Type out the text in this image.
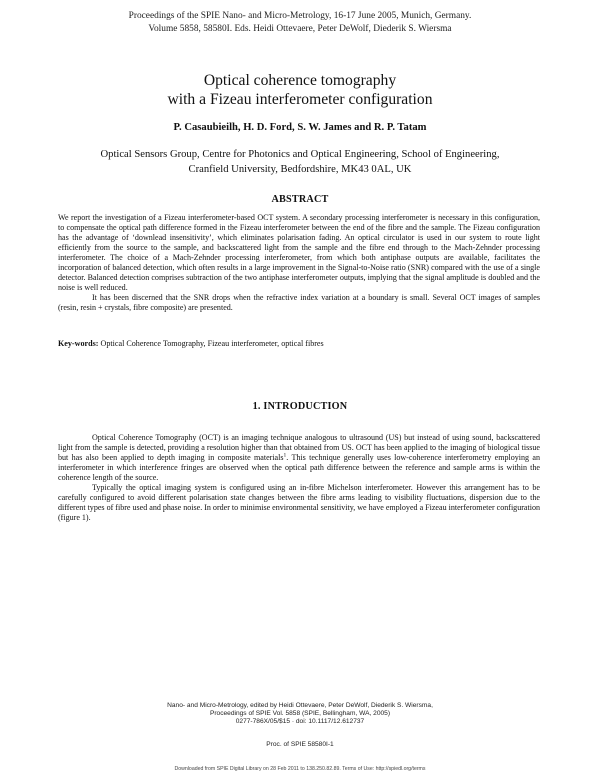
Proceedings of the SPIE Nano- and Micro-Metrology, 16-17 June 2005, Munich, Germany.
Volume 5858, 58580I. Eds. Heidi Ottevaere, Peter DeWolf, Diederik S. Wiersma
Optical coherence tomography
with a Fizeau interferometer configuration
P. Casaubieilh, H. D. Ford, S. W. James and R. P. Tatam
Optical Sensors Group, Centre for Photonics and Optical Engineering, School of Engineering,
Cranfield University, Bedfordshire, MK43 0AL, UK
ABSTRACT

We report the investigation of a Fizeau interferometer-based OCT system. A secondary processing interferometer is necessary in this configuration, to compensate the optical path difference formed in the Fizeau interferometer between the end of the fibre and the sample. The Fizeau configuration has the advantage of ‘downlead insensitivity’, which eliminates polarisation fading. An optical circulator is used in our system to route light efficiently from the source to the sample, and backscattered light from the sample and the fibre end through to the Mach-Zehnder processing interferometer. The choice of a Mach-Zehnder processing interferometer, from which both antiphase outputs are available, facilitates the incorporation of balanced detection, which often results in a large improvement in the Signal-to-Noise ratio (SNR) compared with the use of a single detector. Balanced detection comprises subtraction of the two antiphase interferometer outputs, implying that the signal amplitude is doubled and the noise is well reduced.

It has been discerned that the SNR drops when the refractive index variation at a boundary is small. Several OCT images of samples (resin, resin + crystals, fibre composite) are presented.

Key-words: Optical Coherence Tomography, Fizeau interferometer, optical fibres
1. INTRODUCTION

Optical Coherence Tomography (OCT) is an imaging technique analogous to ultrasound (US) but instead of using sound, backscattered light from the sample is detected, providing a resolution higher than that obtained from US. OCT has been applied to the imaging of biological tissue but has also been applied to depth imaging in composite materials$^1$. This technique generally uses low-coherence interferometry employing an interferometer in which interference fringes are observed when the optical path difference between the reference and sample arms is within the coherence length of the source.

Typically the optical imaging system is configured using an in-fibre Michelson interferometer. However this arrangement has to be carefully configured to avoid different polarisation state changes between the fibre arms leading to visibility fluctuations, dispersion due to the different types of fibre used and phase noise. In order to minimise environmental sensitivity, we have employed a Fizeau interferometer configuration (figure 1).

Nano- and Micro-Metrology, edited by Heidi Ottevaere, Peter DeWolf, Diederik S. Wiersma,
Proceedings of SPIE Vol. 5858 (SPIE, Bellingham, WA, 2005)
0277-786X/05/$15 · doi: 10.1117/12.612737
Proc. of SPIE 58580I-1
Downloaded from SPIE Digital Library on 28 Feb 2011 to 138.250.82.89. Terms of Use: http://spiedl.org/terms
